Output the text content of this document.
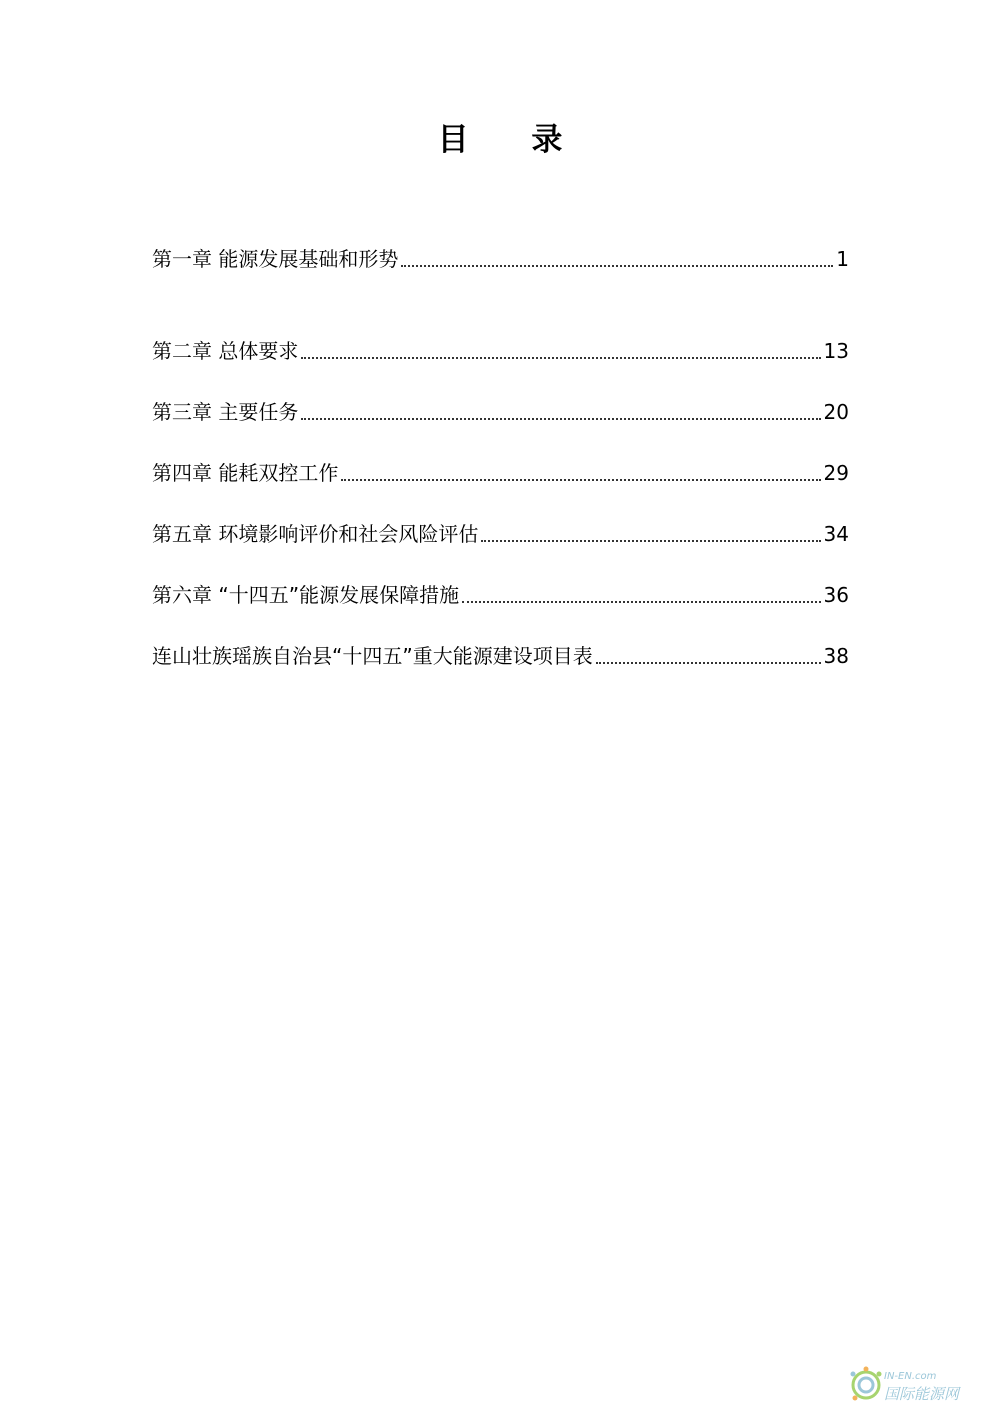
目 录
第一章 能源发展基础和形势	1
第二章 总体要求	13
第三章 主要任务	20
第四章 能耗双控工作	29
第五章 环境影响评价和社会风险评估	34
第六章 “十四五”能源发展保障措施	36
连山壮族瑶族自治县“十四五”重大能源建设项目表	38
IN-EN.com
国际能源网
